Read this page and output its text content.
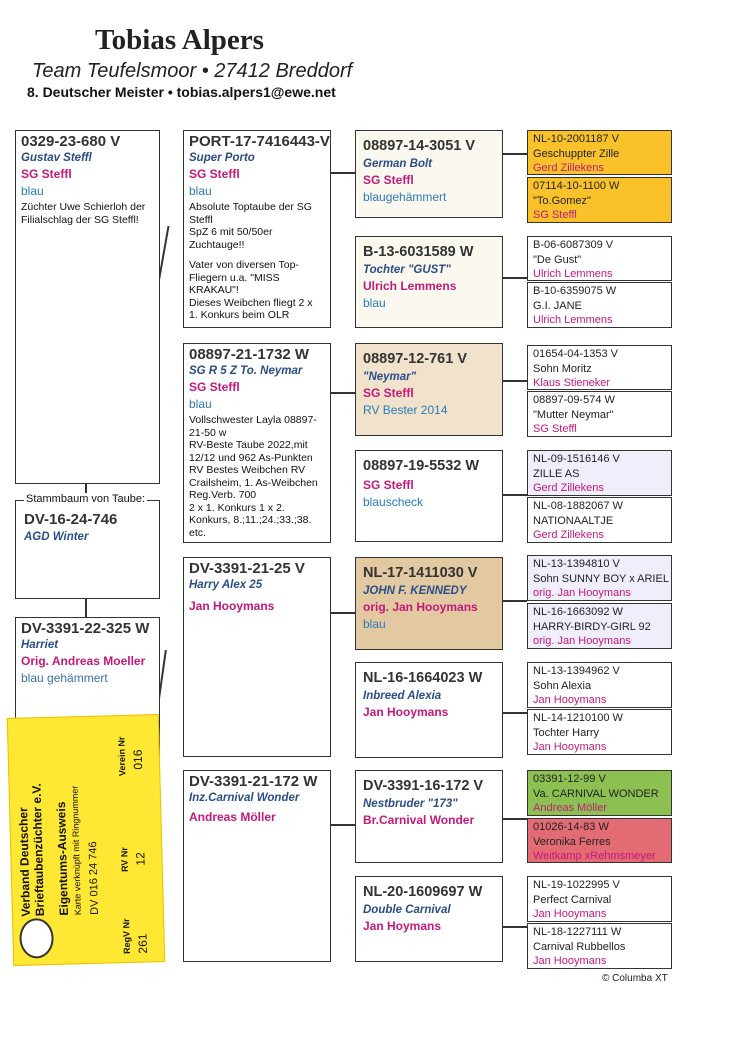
Tobias Alpers
Team Teufelsmoor • 27412 Breddorf
8. Deutscher Meister • tobias.alpers1@ewe.net
0329-23-680 V
Gustav Steffl
SG Steffl
blau
Züchter Uwe Schierloh der
Filialschlag der SG Steffl!
Stammbaum von Taube:
DV-16-24-746
AGD Winter
DV-3391-22-325 W
Harriet
Orig. Andreas Moeller
blau gehämmert
PORT-17-7416443-V
Super Porto
SG Steffl
blau
Absolute Toptaube der SG
Steffl
SpZ 6 mit 50/50er
Zuchtauge!!
Vater von diversen Top-
Fliegern u.a. "MISS
KRAKAU"!
Dieses Weibchen fliegt 2 x
1. Konkurs beim OLR
08897-21-1732 W
SG R 5 Z To. Neymar
SG Steffl
blau
Vollschwester Layla 08897-
21-50 w
RV-Beste Taube 2022,mit
12/12 und 962 As-Punkten
RV Bestes Weibchen RV
Crailsheim, 1. As-Weibchen
Reg.Verb. 700
2 x 1. Konkurs 1 x 2.
Konkurs, 8.;11.;24.;33.;38.
etc.
DV-3391-21-25 V
Harry Alex 25
Jan Hooymans
DV-3391-21-172 W
Inz.Carnival Wonder
Andreas Möller
08897-14-3051 V
German Bolt
SG Steffl
blaugehämmert
B-13-6031589 W
Tochter "GUST"
Ulrich Lemmens
blau
08897-12-761 V
"Neymar"
SG Steffl
RV Bester 2014
08897-19-5532 W
SG Steffl
blauscheck
NL-17-1411030 V
JOHN F. KENNEDY
orig. Jan Hooymans
blau
NL-16-1664023 W
Inbreed Alexia
Jan Hooymans
DV-3391-16-172 V
Nestbruder "173"
Br.Carnival Wonder
NL-20-1609697 W
Double Carnival
Jan Hoymans
NL-10-2001187 V
Geschuppter Zille
Gerd Zillekens
07114-10-1100 W
"To.Gomez"
SG Steffl
B-06-6087309 V
"De Gust"
Ulrich Lemmens
B-10-6359075 W
G.I. JANE
Ulrich Lemmens
01654-04-1353 V
Sohn Moritz
Klaus Stieneker
08897-09-574 W
"Mutter Neymar"
SG Steffl
NL-09-1516146 V
ZILLE AS
Gerd Zillekens
NL-08-1882067 W
NATIONAALTJE
Gerd Zillekens
NL-13-1394810 V
Sohn SUNNY BOY x ARIEL
orig. Jan Hooymans
NL-16-1663092 W
HARRY-BIRDY-GIRL 92
orig. Jan Hooymans
NL-13-1394962 V
Sohn Alexia
Jan Hooymans
NL-14-1210100 W
Tochter Harry
Jan Hooymans
03391-12-99 V
Va. CARNIVAL WONDER
Andreas Möller
01026-14-83 W
Veronika Ferres
Weitkamp xRehmsmeyer
NL-19-1022995 V
Perfect Carnival
Jan Hooymans
NL-18-1227111 W
Carnival Rubbellos
Jan Hooymans
© Columba XT
Verband Deutscher
Brieftaubenzüchter e.V. Eigentums-Ausweis
Karte verknüpft mit Ringnummer DV 016 24 746
RegV Nr 261
RV Nr 12
Verein Nr 016
